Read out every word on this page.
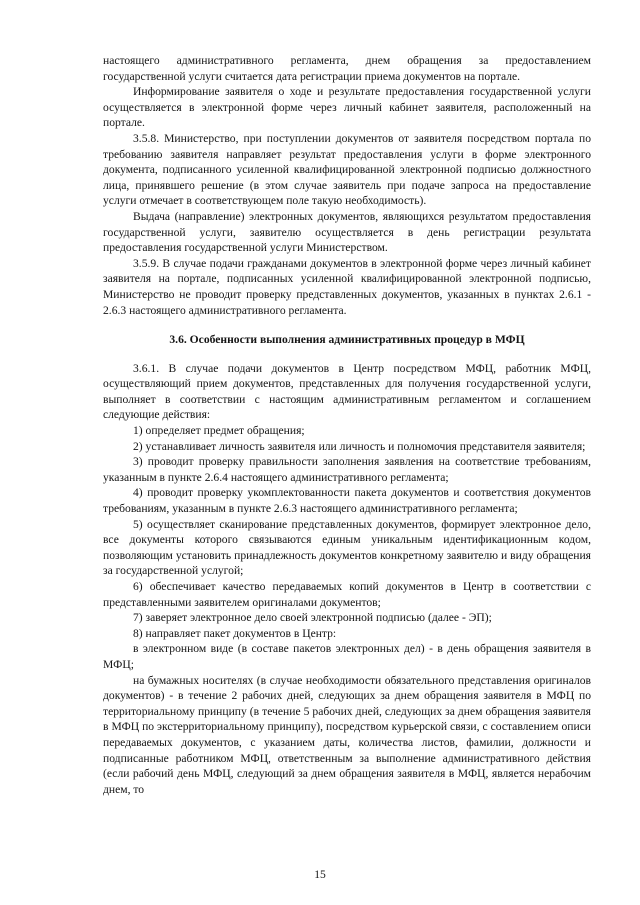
настоящего административного регламента, днем обращения за предоставлением государственной услуги считается дата регистрации приема документов на портале.

Информирование заявителя о ходе и результате предоставления государственной услуги осуществляется в электронной форме через личный кабинет заявителя, расположенный на портале.

3.5.8. Министерство, при поступлении документов от заявителя посредством портала по требованию заявителя направляет результат предоставления услуги в форме электронного документа, подписанного усиленной квалифицированной электронной подписью должностного лица, принявшего решение (в этом случае заявитель при подаче запроса на предоставление услуги отмечает в соответствующем поле такую необходимость).

Выдача (направление) электронных документов, являющихся результатом предоставления государственной услуги, заявителю осуществляется в день регистрации результата предоставления государственной услуги Министерством.

3.5.9. В случае подачи гражданами документов в электронной форме через личный кабинет заявителя на портале, подписанных усиленной квалифицированной электронной подписью, Министерство не проводит проверку представленных документов, указанных в пунктах 2.6.1 - 2.6.3 настоящего административного регламента.

3.6. Особенности выполнения административных процедур в МФЦ

3.6.1. В случае подачи документов в Центр посредством МФЦ, работник МФЦ, осуществляющий прием документов, представленных для получения государственной услуги, выполняет в соответствии с настоящим административным регламентом и соглашением следующие действия:

1) определяет предмет обращения;

2) устанавливает личность заявителя или личность и полномочия представителя заявителя;

3) проводит проверку правильности заполнения заявления на соответствие требованиям, указанным в пункте 2.6.4 настоящего административного регламента;

4) проводит проверку укомплектованности пакета документов и соответствия документов требованиям, указанным в пункте 2.6.3 настоящего административного регламента;

5) осуществляет сканирование представленных документов, формирует электронное дело, все документы которого связываются единым уникальным идентификационным кодом, позволяющим установить принадлежность документов конкретному заявителю и виду обращения за государственной услугой;

6) обеспечивает качество передаваемых копий документов в Центр в соответствии с представленными заявителем оригиналами документов;

7) заверяет электронное дело своей электронной подписью (далее - ЭП);

8) направляет пакет документов в Центр:

в электронном виде (в составе пакетов электронных дел) - в день обращения заявителя в МФЦ;

на бумажных носителях (в случае необходимости обязательного представления оригиналов документов) - в течение 2 рабочих дней, следующих за днем обращения заявителя в МФЦ по территориальному принципу (в течение 5 рабочих дней, следующих за днем обращения заявителя в МФЦ по экстерриториальному принципу), посредством курьерской связи, с составлением описи передаваемых документов, с указанием даты, количества листов, фамилии, должности и подписанные работником МФЦ, ответственным за выполнение административного действия (если рабочий день МФЦ, следующий за днем обращения заявителя в МФЦ, является нерабочим днем, то

15
